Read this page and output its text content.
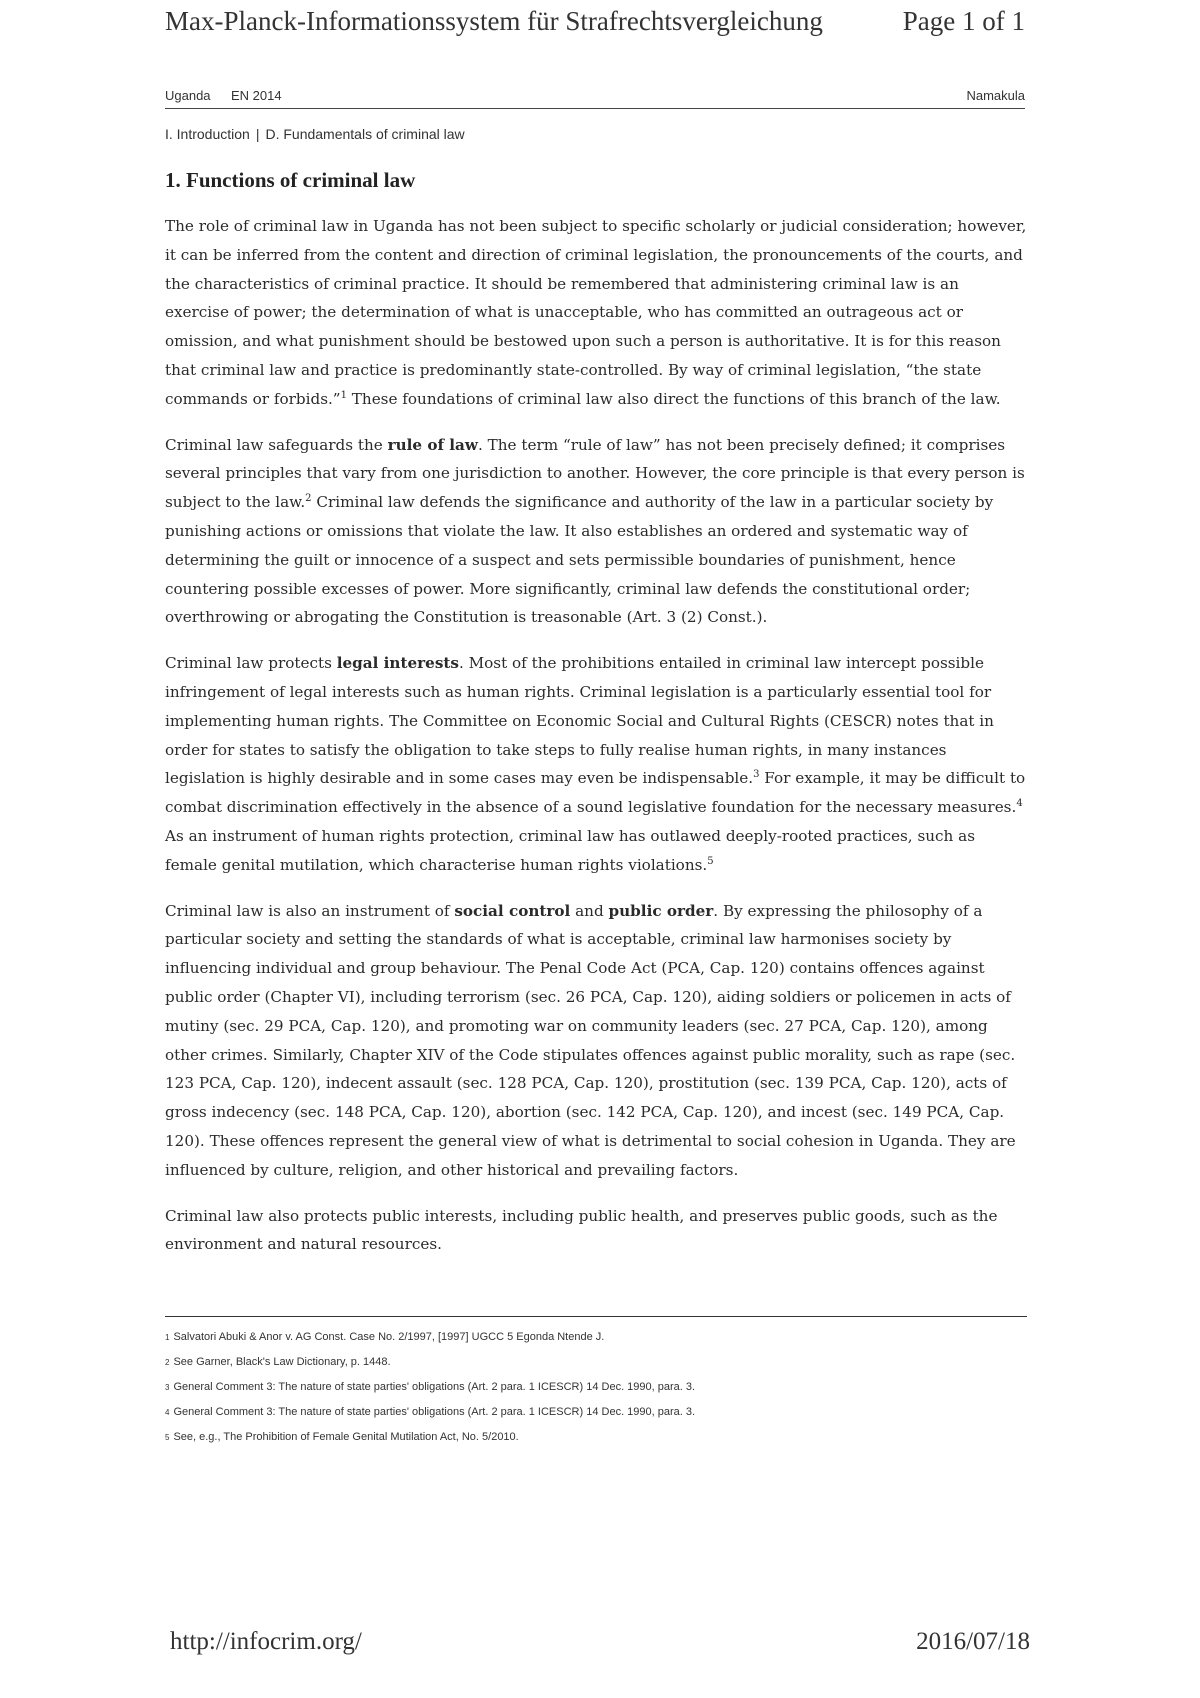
Max-Planck-Informationssystem für Strafrechtsvergleichung	Page 1 of 1
Uganda EN 2014	Namakula
I. Introduction | D. Fundamentals of criminal law
1. Functions of criminal law

The role of criminal law in Uganda has not been subject to specific scholarly or judicial consideration; however, it can be inferred from the content and direction of criminal legislation, the pronouncements of the courts, and the characteristics of criminal practice. It should be remembered that administering criminal law is an exercise of power; the determination of what is unacceptable, who has committed an outrageous act or omission, and what punishment should be bestowed upon such a person is authoritative. It is for this reason that criminal law and practice is predominantly state-controlled. By way of criminal legislation, “the state commands or forbids.”$^1$ These foundations of criminal law also direct the functions of this branch of the law.

Criminal law safeguards the rule of law. The term “rule of law” has not been precisely defined; it comprises several principles that vary from one jurisdiction to another. However, the core principle is that every person is subject to the law.$^2$ Criminal law defends the significance and authority of the law in a particular society by punishing actions or omissions that violate the law. It also establishes an ordered and systematic way of determining the guilt or innocence of a suspect and sets permissible boundaries of punishment, hence countering possible excesses of power. More significantly, criminal law defends the constitutional order; overthrowing or abrogating the Constitution is treasonable (Art. 3 (2) Const.).

Criminal law protects legal interests. Most of the prohibitions entailed in criminal law intercept possible infringement of legal interests such as human rights. Criminal legislation is a particularly essential tool for implementing human rights. The Committee on Economic Social and Cultural Rights (CESCR) notes that in order for states to satisfy the obligation to take steps to fully realise human rights, in many instances legislation is highly desirable and in some cases may even be indispensable.$^3$ For example, it may be difficult to combat discrimination effectively in the absence of a sound legislative foundation for the necessary measures.$^4$ As an instrument of human rights protection, criminal law has outlawed deeply-rooted practices, such as female genital mutilation, which characterise human rights violations.$^5$

Criminal law is also an instrument of social control and public order. By expressing the philosophy of a particular society and setting the standards of what is acceptable, criminal law harmonises society by influencing individual and group behaviour. The Penal Code Act (PCA, Cap. 120) contains offences against public order (Chapter VI), including terrorism (sec. 26 PCA, Cap. 120), aiding soldiers or policemen in acts of mutiny (sec. 29 PCA, Cap. 120), and promoting war on community leaders (sec. 27 PCA, Cap. 120), among other crimes. Similarly, Chapter XIV of the Code stipulates offences against public morality, such as rape (sec. 123 PCA, Cap. 120), indecent assault (sec. 128 PCA, Cap. 120), prostitution (sec. 139 PCA, Cap. 120), acts of gross indecency (sec. 148 PCA, Cap. 120), abortion (sec. 142 PCA, Cap. 120), and incest (sec. 149 PCA, Cap. 120). These offences represent the general view of what is detrimental to social cohesion in Uganda. They are influenced by culture, religion, and other historical and prevailing factors.

Criminal law also protects public interests, including public health, and preserves public goods, such as the environment and natural resources.

$^1$ Salvatori Abuki & Anor v. AG Const. Case No. 2/1997, [1997] UGCC 5 Egonda Ntende J.
$^2$ See Garner, Black's Law Dictionary, p. 1448.
$^3$ General Comment 3: The nature of state parties' obligations (Art. 2 para. 1 ICESCR) 14 Dec. 1990, para. 3.
$^4$ General Comment 3: The nature of state parties' obligations (Art. 2 para. 1 ICESCR) 14 Dec. 1990, para. 3.
$^5$ See, e.g., The Prohibition of Female Genital Mutilation Act, No. 5/2010.
http://infocrim.org/	2016/07/18
